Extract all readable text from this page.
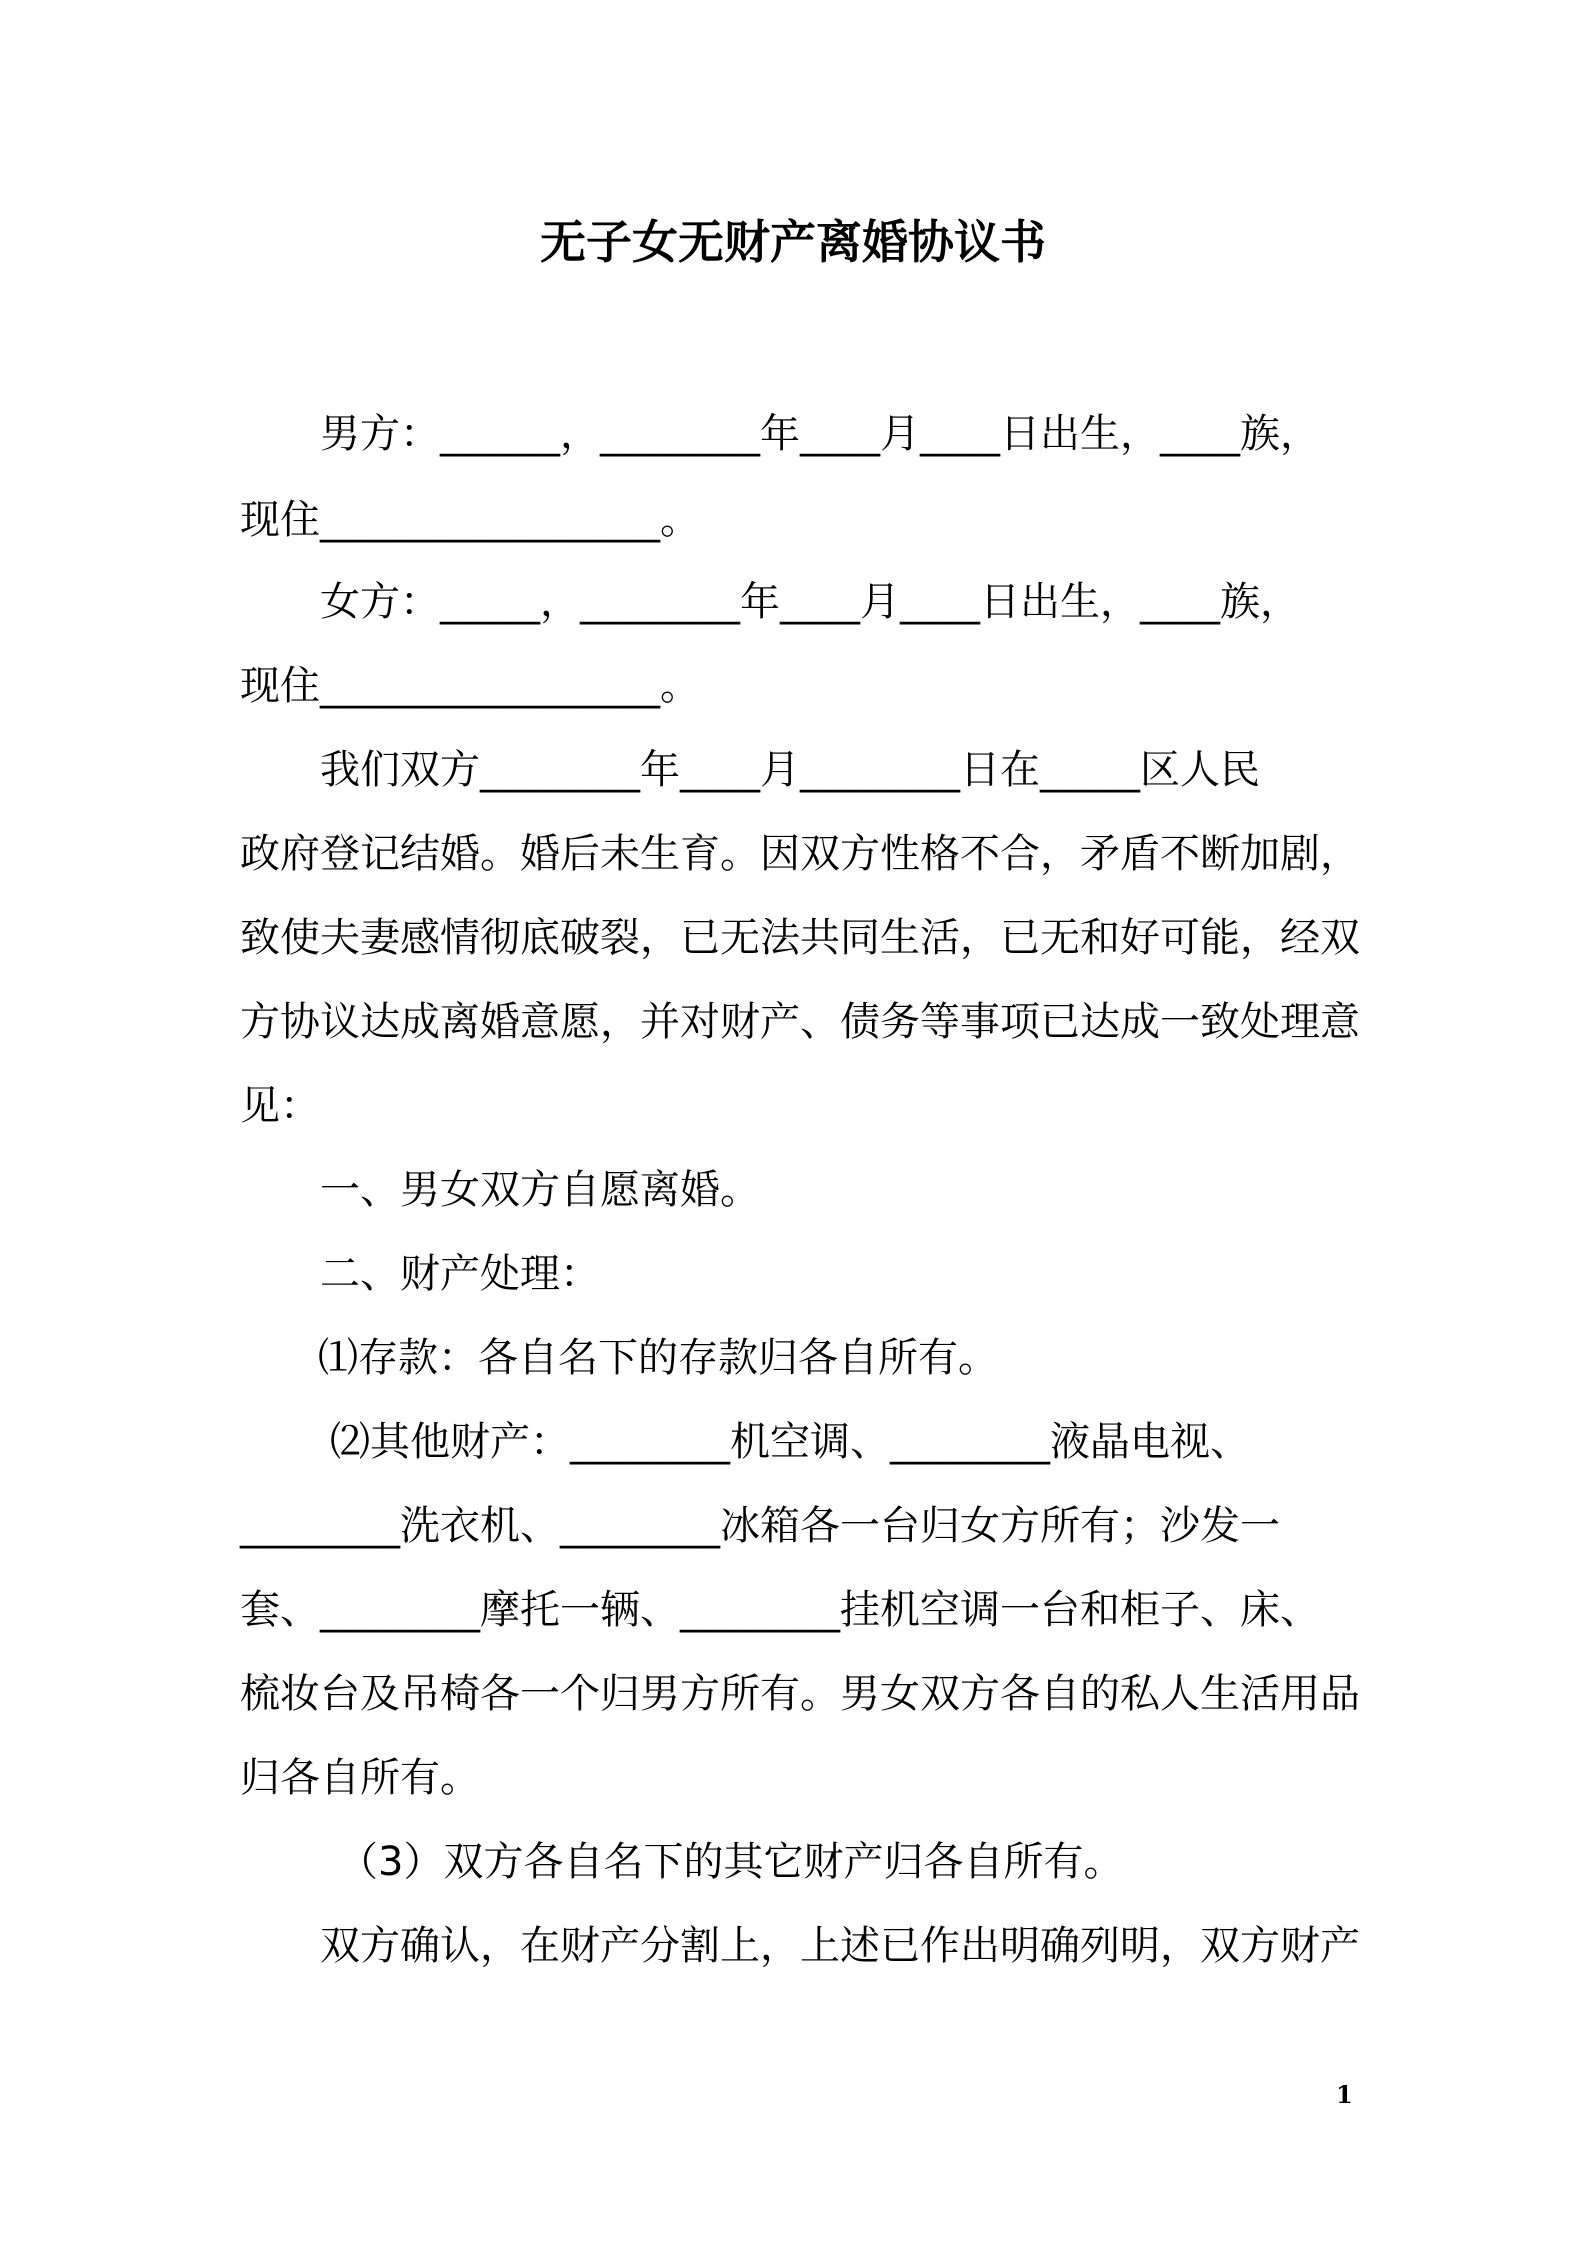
无子女无财产离婚协议书
男方：______，________年____月____日出生，____族，
现住_________________。
女方：_____，________年____月____日出生，____族，
现住_________________。
我们双方________年____月________日在_____区人民
政府登记结婚。婚后未生育。因双方性格不合，矛盾不断加剧，
致使夫妻感情彻底破裂，已无法共同生活，已无和好可能，经双
方协议达成离婚意愿，并对财产、债务等事项已达成一致处理意
见：
一、男女双方自愿离婚。
二、财产处理：
⑴存款：各自名下的存款归各自所有。
⑵其他财产：________机空调、________液晶电视、
________洗衣机、________冰箱各一台归女方所有；沙发一
套、________摩托一辆、________挂机空调一台和柜子、床、
梳妆台及吊椅各一个归男方所有。男女双方各自的私人生活用品
归各自所有。
（3）双方各自名下的其它财产归各自所有。
双方确认，在财产分割上，上述已作出明确列明，双方财产
1
